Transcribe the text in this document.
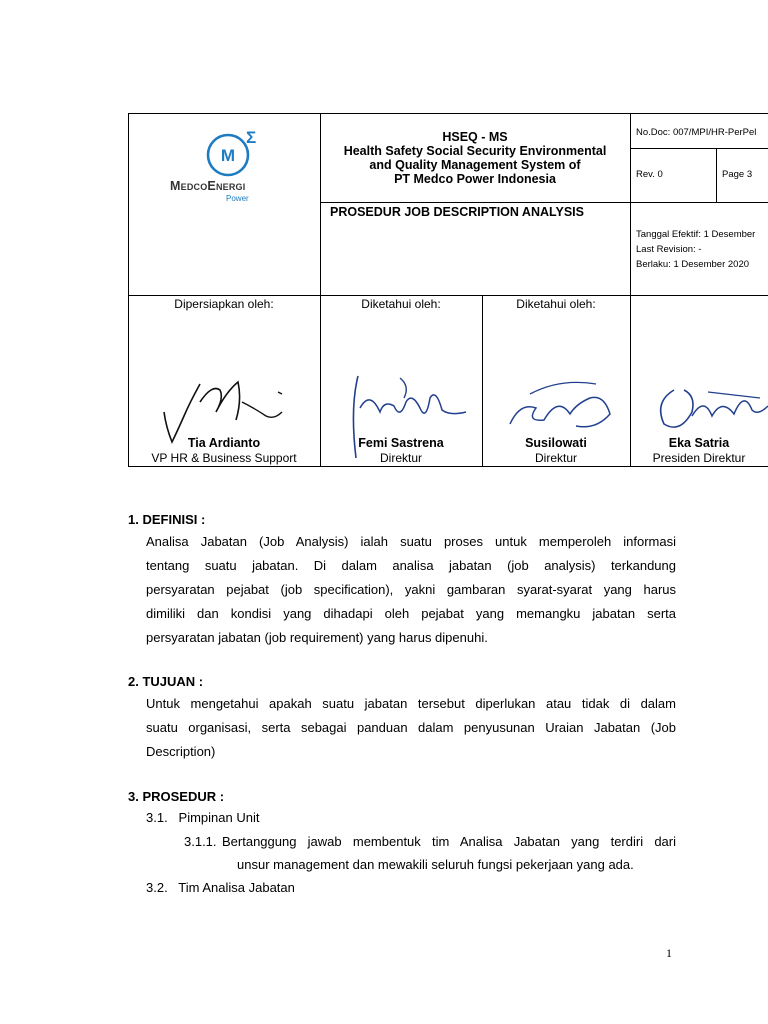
M
Σ
MedcoEnergi
Power
HSEQ - MS
Health Safety Social Security Environmental
and Quality Management System of
PT Medco Power Indonesia
PROSEDUR JOB DESCRIPTION ANALYSIS
No.Doc: 007/MPI/HR-PerPel
Rev. 0	Page 3
Tanggal Efektif: 1 Desember
Last Revision: -
Berlaku: 1 Desember 2020
Dipersiapkan oleh:	Diketahui oleh:	Diketahui oleh:
Tia Ardianto
VP HR & Business Support
Femi Sastrena
Direktur
Susilowati
Direktur
Eka Satria
Presiden Direktur
1. DEFINISI :
Analisa Jabatan (Job Analysis) ialah suatu proses untuk memperoleh informasi
tentang suatu jabatan. Di dalam analisa jabatan (job analysis) terkandung
persyaratan pejabat (job specification), yakni gambaran syarat-syarat yang harus
dimiliki dan kondisi yang dihadapi oleh pejabat yang memangku jabatan serta
persyaratan jabatan (job requirement) yang harus dipenuhi.
2. TUJUAN :
Untuk mengetahui apakah suatu jabatan tersebut diperlukan atau tidak di dalam
suatu organisasi, serta sebagai panduan dalam penyusunan Uraian Jabatan (Job
Description)
3. PROSEDUR :
3.1.   Pimpinan Unit
3.1.1. Bertanggung jawab membentuk tim Analisa Jabatan yang terdiri dari
unsur management dan mewakili seluruh fungsi pekerjaan yang ada.
3.2.   Tim Analisa Jabatan
1
